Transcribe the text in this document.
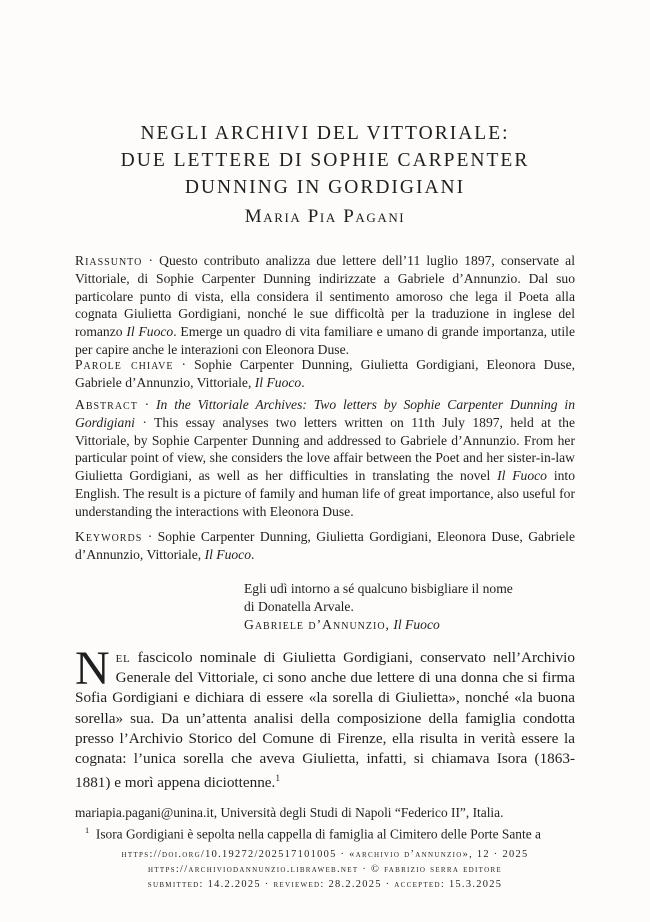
NEGLI ARCHIVI DEL VITTORIALE:
DUE LETTERE DI SOPHIE CARPENTER
DUNNING IN GORDIGIANI
Maria Pia Pagani
Riassunto · Questo contributo analizza due lettere dell’11 luglio 1897, conservate al Vittoriale, di Sophie Carpenter Dunning indirizzate a Gabriele d’Annunzio. Dal suo particolare punto di vista, ella considera il sentimento amoroso che lega il Poeta alla cognata Giulietta Gordigiani, nonché le sue difficoltà per la traduzione in inglese del romanzo Il Fuoco. Emerge un quadro di vita familiare e umano di grande importanza, utile per capire anche le interazioni con Eleonora Duse.
Parole chiave · Sophie Carpenter Dunning, Giulietta Gordigiani, Eleonora Duse, Gabriele d’Annunzio, Vittoriale, Il Fuoco.
Abstract · In the Vittoriale Archives: Two letters by Sophie Carpenter Dunning in Gordigiani · This essay analyses two letters written on 11th July 1897, held at the Vittoriale, by Sophie Carpenter Dunning and addressed to Gabriele d’Annunzio. From her particular point of view, she considers the love affair between the Poet and her sister-in-law Giulietta Gordigiani, as well as her difficulties in translating the novel Il Fuoco into English. The result is a picture of family and human life of great importance, also useful for understanding the interactions with Eleonora Duse.
Keywords · Sophie Carpenter Dunning, Giulietta Gordigiani, Eleonora Duse, Gabriele d’Annunzio, Vittoriale, Il Fuoco.
Egli udì intorno a sé qualcuno bisbigliare il nome
di Donatella Arvale.
Gabriele d’Annunzio, Il Fuoco
Nel fascicolo nominale di Giulietta Gordigiani, conservato nell’Archivio Generale del Vittoriale, ci sono anche due lettere di una donna che si firma Sofia Gordigiani e dichiara di essere «la sorella di Giulietta», nonché «la buona sorella» sua. Da un’attenta analisi della composizione della famiglia condotta presso l’Archivio Storico del Comune di Firenze, ella risulta in verità essere la cognata: l’unica sorella che aveva Giulietta, infatti, si chiamava Isora (1863-1881) e morì appena diciottenne.$^1$
mariapia.pagani@unina.it, Università degli Studi di Napoli “Federico II”, Italia.
$^1$ Isora Gordigiani è sepolta nella cappella di famiglia al Cimitero delle Porte Sante a
https://doi.org/10.19272/202517101005 · «archivio d’annunzio», 12 · 2025
https://archiviodannunzio.libraweb.net · © fabrizio serra editore
submitted: 14.2.2025 · reviewed: 28.2.2025 · accepted: 15.3.2025
